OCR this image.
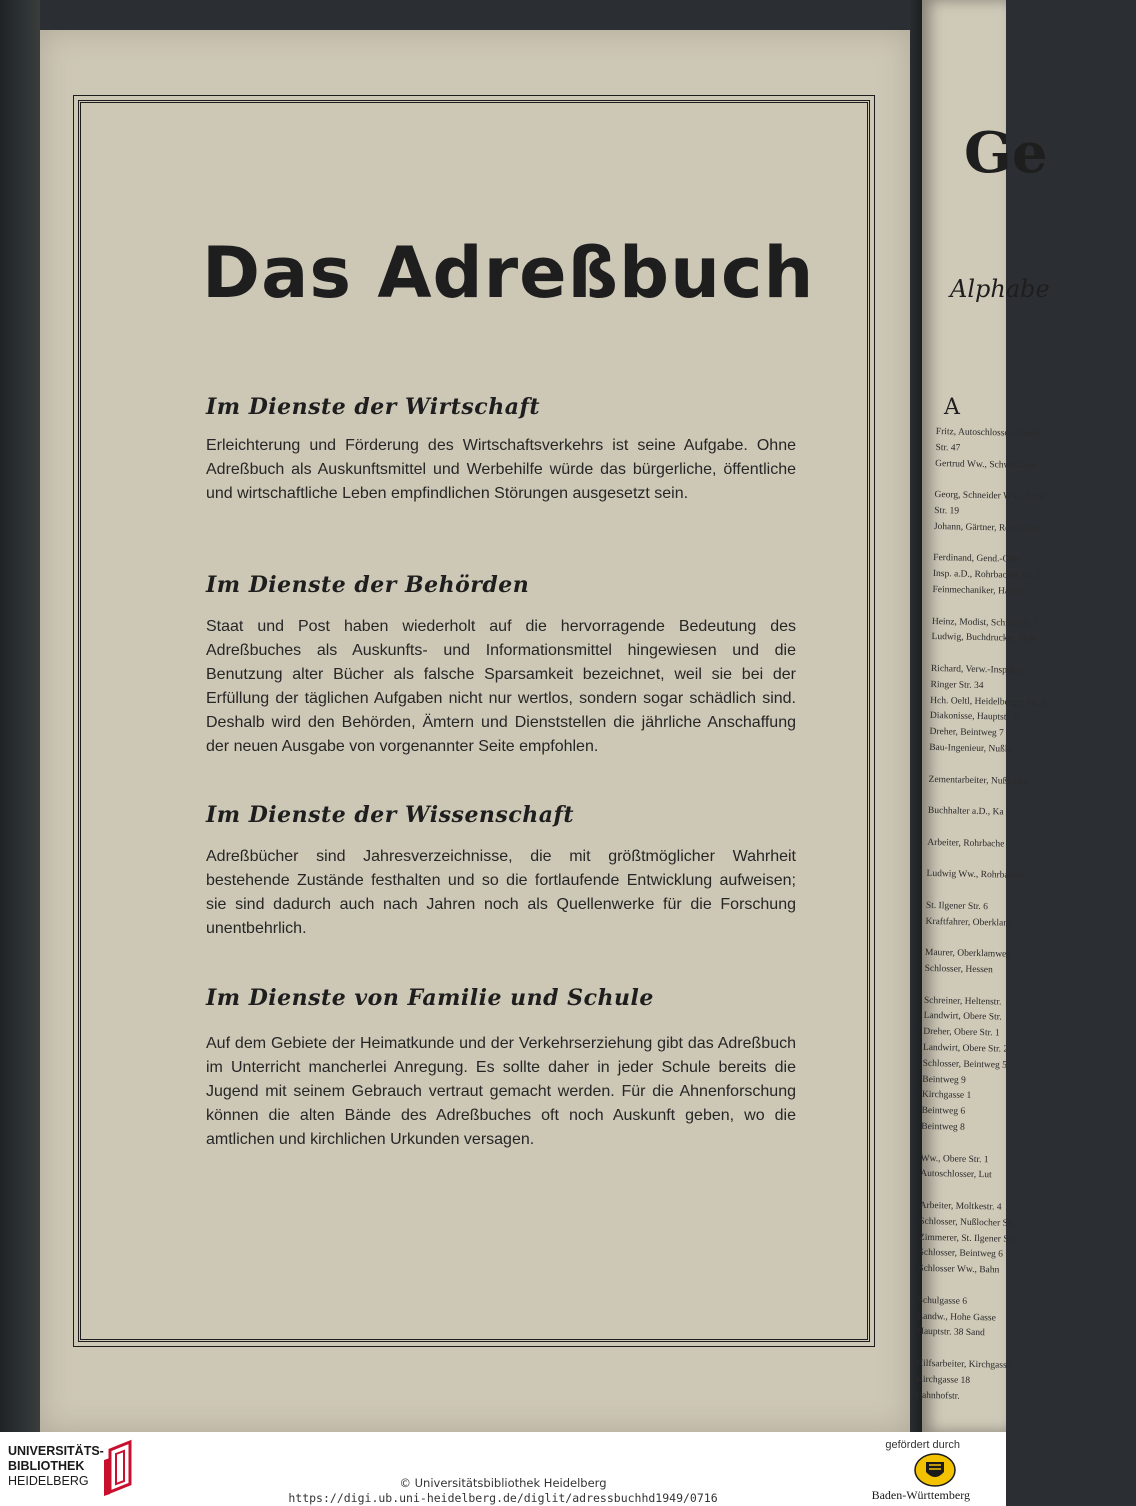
Das Adreßbuch
Im Dienste der Wirtschaft

Erleichterung und Förderung des Wirtschaftsverkehrs ist seine Aufgabe. Ohne Adreßbuch als Auskunftsmittel und Werbehilfe würde das bürgerliche, öffentliche und wirtschaftliche Leben empfindlichen Störungen ausgesetzt sein.

Im Dienste der Behörden

Staat und Post haben wiederholt auf die hervorragende Bedeutung des Adreßbuches als Auskunfts- und Informationsmittel hingewiesen und die Benutzung alter Bücher als falsche Sparsamkeit bezeichnet, weil sie bei der Erfüllung der täglichen Aufgaben nicht nur wertlos, sondern sogar schädlich sind. Deshalb wird den Behörden, Ämtern und Dienststellen die jährliche Anschaffung der neuen Ausgabe von vorgenannter Seite empfohlen.

Im Dienste der Wissenschaft

Adreßbücher sind Jahresverzeichnisse, die mit größtmöglicher Wahrheit bestehende Zustände festhalten und so die fortlaufende Entwicklung aufweisen; sie sind dadurch auch nach Jahren noch als Quellenwerke für die Forschung unentbehrlich.

Im Dienste von Familie und Schule

Auf dem Gebiete der Heimatkunde und der Verkehrserziehung gibt das Adreßbuch im Unterricht mancherlei Anregung. Es sollte daher in jeder Schule bereits die Jugend mit seinem Gebrauch vertraut gemacht werden. Für die Ahnenforschung können die alten Bände des Adreßbuches oft noch Auskunft geben, wo die amtlichen und kirchlichen Urkunden versagen.

Ge
Alphabe
A
Fritz, Autoschlosser, Heidel
Str. 47
Gertrud Ww., Schwetzinge

Georg, Schneider Ww., Rohr
Str. 19
Johann, Gärtner, Rohrbache

Ferdinand, Gend.-Ober
Insp. a.D., Rohrbacher Str. 2
Feinmechaniker, Haupt-

Heinz, Modist, Schillerstr. 1
Ludwig, Buchdrucker, Hoh

Richard, Verw.-Inspekto
Ringer Str. 34
Hch. Oeltl, Heidelberger Str. 5
Diakonisse, Hauptstr. 6
Dreher, Beintweg 7
Bau-Ingenieur, Nußlo

Zementarbeiter, Nußloche

Buchhalter a.D., Ka

Arbeiter, Rohrbache

Ludwig Ww., Rohrbacher

St. Ilgener Str. 6
Kraftfahrer, Oberklam

Maurer, Oberklamweg
Schlosser, Hessen

Schreiner, Heltenstr.
Landwirt, Obere Str.
Dreher, Obere Str. 1
Landwirt, Obere Str. 2
Schlosser, Beintweg 5
Beintweg 9
Kirchgasse 1
Beintweg 6
Beintweg 8

Ww., Obere Str. 1
Autoschlosser, Lut

Arbeiter, Moltkestr. 4
Schlosser, Nußlocher Str.
Zimmerer, St. Ilgener Str.
Schlosser, Beintweg 6
Schlosser Ww., Bahn

Schulgasse 6
Landw., Hohe Gasse
Hauptstr. 38 Sand

Hilfsarbeiter, Kirchgasse
Kirchgasse 18
Bahnhofstr.
UNIVERSITÄTS-
BIBLIOTHEK
HEIDELBERG	© Universitätsbibliothek Heidelberg
https://digi.ub.uni-heidelberg.de/diglit/adressbuchhd1949/0716
gefördert durch
Baden-Württemberg
